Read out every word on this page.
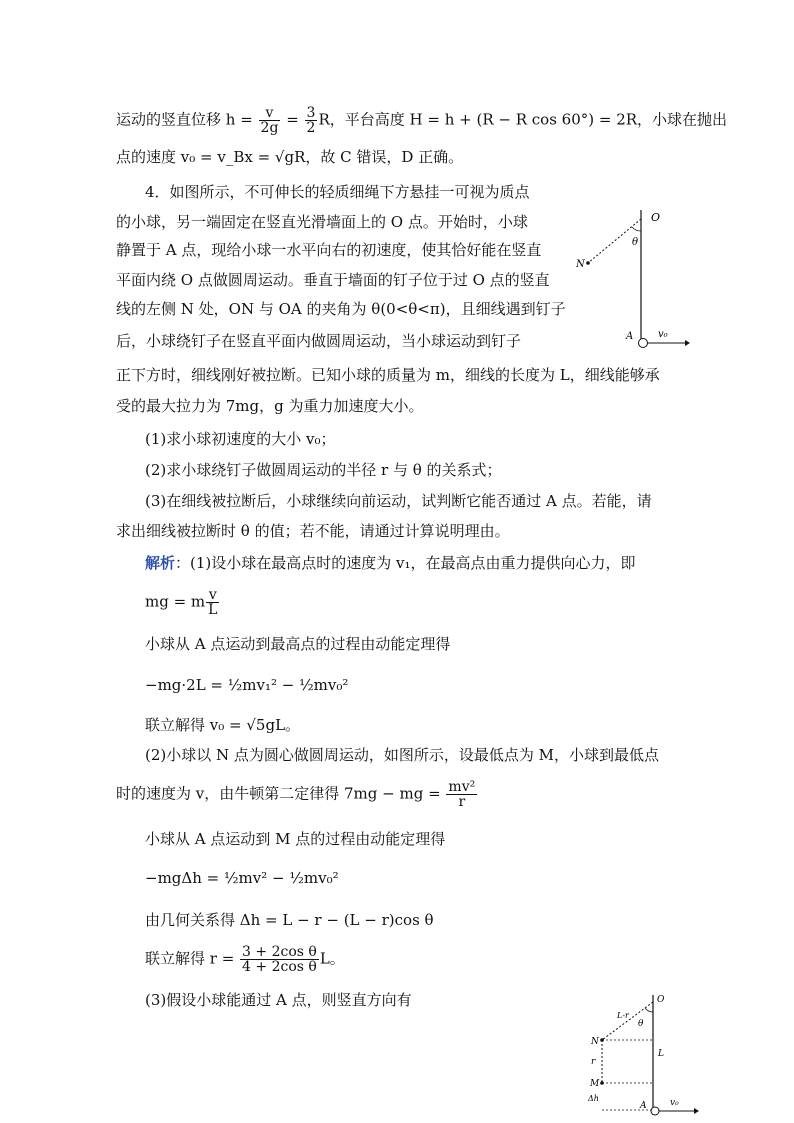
运动的竖直位移 $h = \frac{v}{2g} = \frac{3}{2}$ R，平台高度 H = h + (R − R cos 60°) = 2R，小球在抛出
点的速度 v₀ = v_Bx = √gR，故 C 错误，D 正确。
4．如图所示，不可伸长的轻质细绳下方悬挂一可视为质点
的小球，另一端固定在竖直光滑墙面上的 O 点。开始时，小球
静置于 A 点，现给小球一水平向右的初速度，使其恰好能在竖直
平面内绕 O 点做圆周运动。垂直于墙面的钉子位于过 O 点的竖直
线的左侧 N 处，ON 与 OA 的夹角为 θ(0<θ<π)，且细线遇到钉子
后，小球绕钉子在竖直平面内做圆周运动，当小球运动到钉子
正下方时，细线刚好被拉断。已知小球的质量为 m，细线的长度为 L，细线能够承
受的最大拉力为 7mg，g 为重力加速度大小。
(1)求小球初速度的大小 v₀；
(2)求小球绕钉子做圆周运动的半径 r 与 θ 的关系式；
(3)在细线被拉断后，小球继续向前运动，试判断它能否通过 A 点。若能，请
求出细线被拉断时 θ 的值；若不能，请通过计算说明理由。
O
θ
N
A v₀
解析：(1)设小球在最高点时的速度为 v₁，在最高点由重力提供向心力，即
mg = m $\frac{v}{L}$
小球从 A 点运动到最高点的过程由动能定理得
−mg·2L = ½mv₁² − ½mv₀²
联立解得 v₀ = √5gL。
(2)小球以 N 点为圆心做圆周运动，如图所示，设最低点为 M，小球到最低点
时的速度为 v，由牛顿第二定律得 7mg − mg = $\frac{\text{mv²}}{r}$
小球从 A 点运动到 M 点的过程由动能定理得
−mgΔh = ½mv² − ½mv₀²
由几何关系得 Δh = L − r − (L − r)cos θ
联立解得 $r = \frac{\text{3 + 2cos θ}}{\text{4 + 2cos θ}}$ L。
(3)假设小球能通过 A 点，则竖直方向有	O
L-r
θ
N
r
L
M
Δh
A	v₀
